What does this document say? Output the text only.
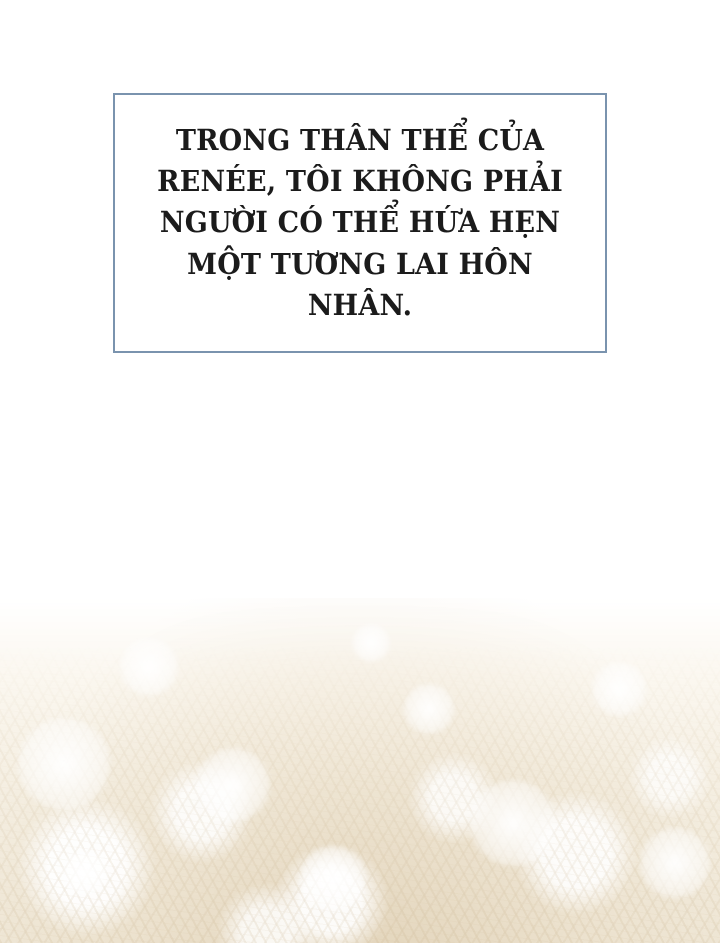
TRONG THÂN THỂ CỦA RENÉE, TÔI KHÔNG PHẢI NGƯỜI CÓ THỂ HỨA HẸN MỘT TƯƠNG LAI HÔN NHÂN.
